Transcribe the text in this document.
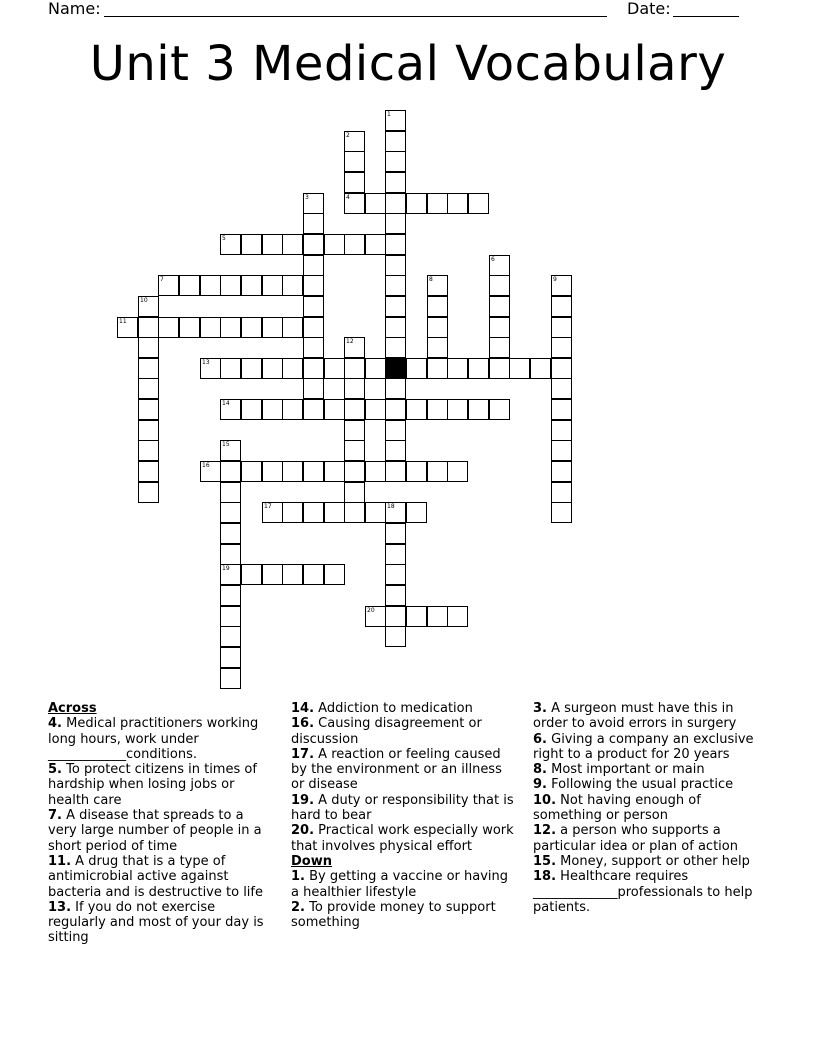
Name:	Date:
Unit 3 Medical Vocabulary
1
2
4
3
5
6
7	8	9
10
11
12
13
14
15
19
16
17	18
20
Across
4. Medical practitioners working long hours, work under ____________conditions.
5. To protect citizens in times of hardship when losing jobs or health care
7. A disease that spreads to a very large number of people in a short period of time
11. A drug that is a type of antimicrobial active against bacteria and is destructive to life
13. If you do not exercise regularly and most of your day is sitting
14. Addiction to medication
16. Causing disagreement or discussion
17. A reaction or feeling caused by the environment or an illness or disease
19. A duty or responsibility that is hard to bear
20. Practical work especially work that involves physical effort
Down
1. By getting a vaccine or having a healthier lifestyle
2. To provide money to support something
3. A surgeon must have this in order to avoid errors in surgery
6. Giving a company an exclusive right to a product for 20 years
8. Most important or main
9. Following the usual practice
10. Not having enough of something or person
12. a person who supports a particular idea or plan of action
15. Money, support or other help
18. Healthcare requires _____________professionals to help patients.
